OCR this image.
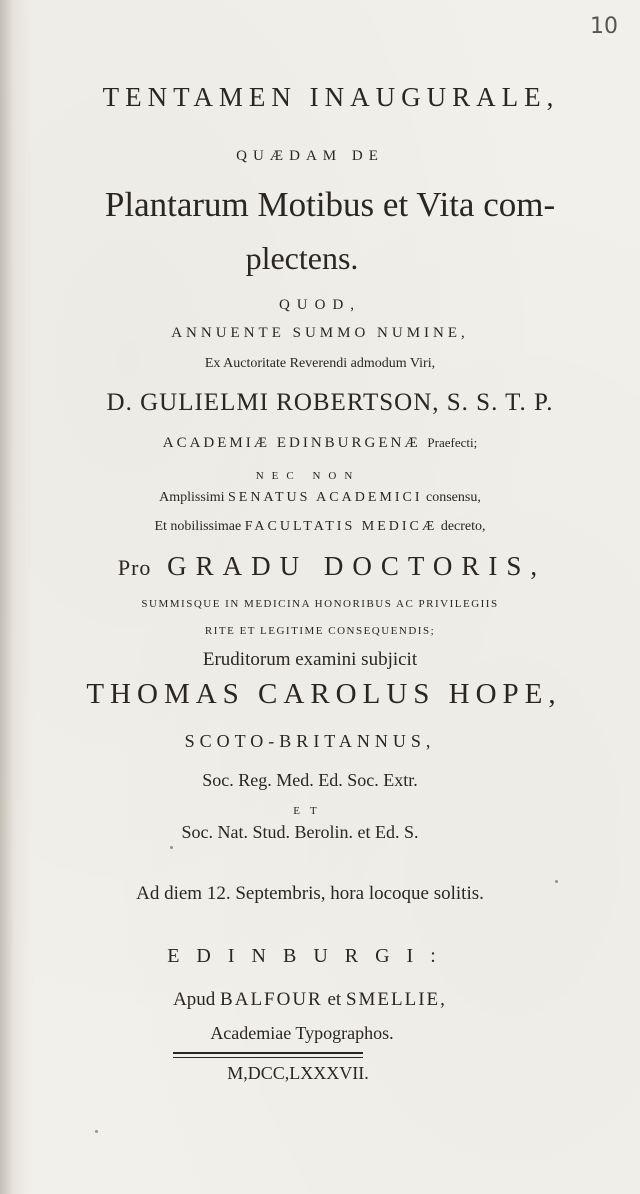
10
TENTAMEN INAUGURALE,
QUÆDAM DE
Plantarum Motibus et Vita com-
plectens.
QUOD,
ANNUENTE SUMMO NUMINE,
Ex Auctoritate Reverendi admodum Viri,
D. GULIELMI ROBERTSON, S. S. T. P.
ACADEMIÆ EDINBURGENÆ Praefecti;
NEC NON
Amplissimi SENATUS ACADEMICI consensu,
Et nobilissimae FACULTATIS MEDICÆ decreto,
Pro GRADU DOCTORIS,
SUMMISQUE IN MEDICINA HONORIBUS AC PRIVILEGIIS
RITE ET LEGITIME CONSEQUENDIS;
Eruditorum examini subjicit
THOMAS CAROLUS HOPE,
SCOTO-BRITANNUS,
Soc. Reg. Med. Ed. Soc. Extr.
ET
Soc. Nat. Stud. Berolin. et Ed. S.
Ad diem 12. Septembris, hora locoque solitis.
EDINBURGI:
Apud BALFOUR et SMELLIE,
Academiae Typographos.
M,DCC,LXXXVII.
